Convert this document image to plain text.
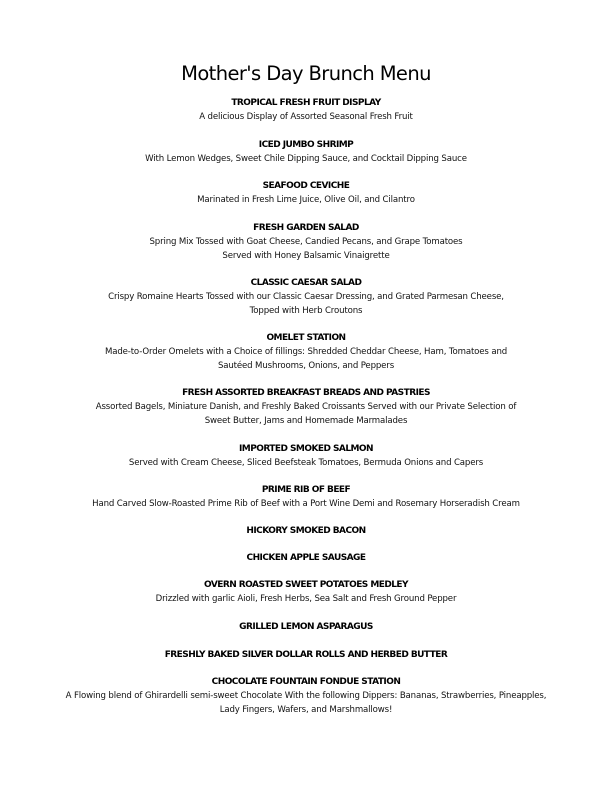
Mother's Day Brunch Menu
TROPICAL FRESH FRUIT DISPLAY
A delicious Display of Assorted Seasonal Fresh Fruit
ICED JUMBO SHRIMP
With Lemon Wedges, Sweet Chile Dipping Sauce, and Cocktail Dipping Sauce
SEAFOOD CEVICHE
Marinated in Fresh Lime Juice, Olive Oil, and Cilantro
FRESH GARDEN SALAD
Spring Mix Tossed with Goat Cheese, Candied Pecans, and Grape Tomatoes
Served with Honey Balsamic Vinaigrette
CLASSIC CAESAR SALAD
Crispy Romaine Hearts Tossed with our Classic Caesar Dressing, and Grated Parmesan Cheese,
Topped with Herb Croutons
OMELET STATION
Made-to-Order Omelets with a Choice of fillings: Shredded Cheddar Cheese, Ham, Tomatoes and
Sautéed Mushrooms, Onions, and Peppers
FRESH ASSORTED BREAKFAST BREADS AND PASTRIES
Assorted Bagels, Miniature Danish, and Freshly Baked Croissants Served with our Private Selection of
Sweet Butter, Jams and Homemade Marmalades
IMPORTED SMOKED SALMON
Served with Cream Cheese, Sliced Beefsteak Tomatoes, Bermuda Onions and Capers
PRIME RIB OF BEEF
Hand Carved Slow-Roasted Prime Rib of Beef with a Port Wine Demi and Rosemary Horseradish Cream
HICKORY SMOKED BACON
CHICKEN APPLE SAUSAGE
OVERN ROASTED SWEET POTATOES MEDLEY
Drizzled with garlic Aioli, Fresh Herbs, Sea Salt and Fresh Ground Pepper
GRILLED LEMON ASPARAGUS
FRESHLY BAKED SILVER DOLLAR ROLLS AND HERBED BUTTER
CHOCOLATE FOUNTAIN FONDUE STATION
A Flowing blend of Ghirardelli semi-sweet Chocolate With the following Dippers: Bananas, Strawberries, Pineapples,
Lady Fingers, Wafers, and Marshmallows!
